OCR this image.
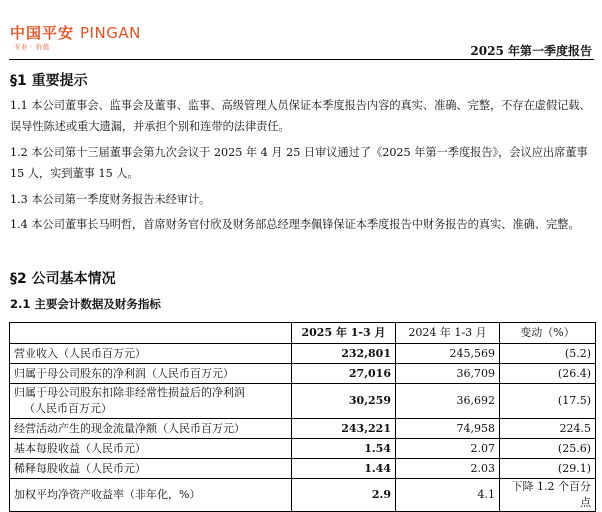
中国平安 PINGAN
专业 · 价值	2025 年第一季度报告
§1 重要提示

1.1 本公司董事会、监事会及董事、监事、高级管理人员保证本季度报告内容的真实、准确、完整，不存在虚假记载、误导性陈述或重大遗漏，并承担个别和连带的法律责任。

1.2 本公司第十三届董事会第九次会议于 2025 年 4 月 25 日审议通过了《2025 年第一季度报告》，会议应出席董事 15 人，实到董事 15 人。

1.3 本公司第一季度财务报告未经审计。

1.4 本公司董事长马明哲，首席财务官付欣及财务部总经理李佩锋保证本季度报告中财务报告的真实、准确、完整。

§2 公司基本情况
2.1 主要会计数据及财务指标
	2025 年 1-3 月	2024 年 1-3 月	变动（%）
营业收入（人民币百万元）	232,801	245,569	(5.2)
归属于母公司股东的净利润（人民币百万元）	27,016	36,709	(26.4)
归属于母公司股东扣除非经常性损益后的净利润
（人民币百万元）	30,259	36,692	(17.5)
经营活动产生的现金流量净额（人民币百万元）	243,221	74,958	224.5
基本每股收益（人民币元）	1.54	2.07	(25.6)
稀释每股收益（人民币元）	1.44	2.03	(29.1)
加权平均净资产收益率（非年化，%）	2.9	4.1	下降 1.2 个百分点
